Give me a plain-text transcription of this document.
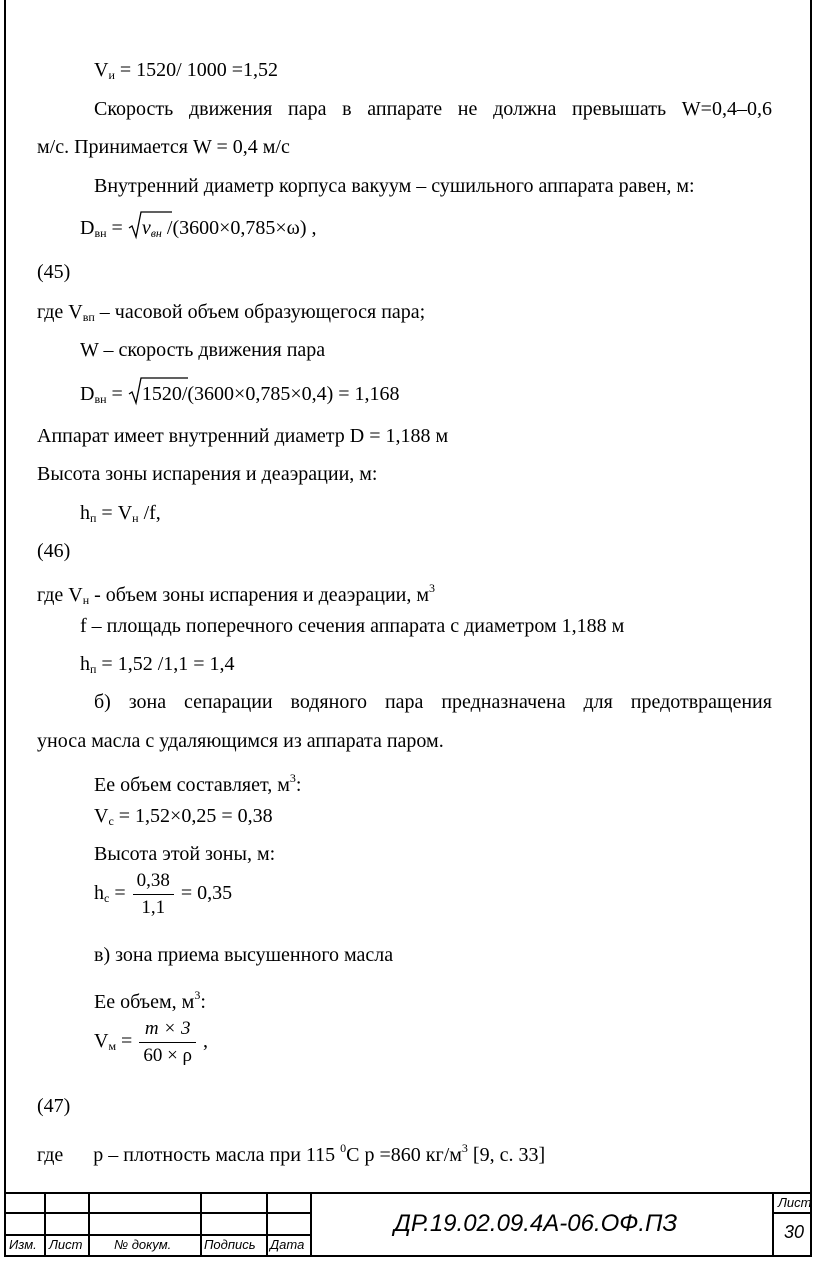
$V_и = 1520/$ 1000 =1,52
Скорость движения пара в аппарате не должна превышать W=0,4–0,6
м/с. Принимается W = 0,4 м/с
Внутренний диаметр корпуса вакуум – сушильного аппарата равен, м:
$D_{вн}$ =
$\nu_{вн}$ /(3600×0,785×ω) ,
(45)
где $V_{вп}$ – часовой объем образующегося пара;
W – скорость движения пара
$D_{вн}$ =
1520/(3600×0,785×0,4) = 1,168
Аппарат имеет внутренний диаметр D = 1,188 м
Высота зоны испарения и деаэрации, м:
$h_п = V_н$ /f,
(46)
где $V_н$ - объем зоны испарения и деаэрации, $м^3$
f – площадь поперечного сечения аппарата с диаметром 1,188 м
$h_п = 1,52$ /1,1 = 1,4
б) зона сепарации водяного пара предназначена для предотвращения
уноса масла с удаляющимся из аппарата паром.
Ее объем составляет, $м^3$:
$V_с = 1,52\times 0,25 = 0,38$
Высота этой зоны, м:
$h_с = \frac{0,38}{1,1} = 0,35$
в) зона приема высушенного масла
Ее объем, $м^3$:
$V_м = \frac{m \times 3}{60 \times \rho}$ ,
(47)
где      р – плотность масла при 115 $^0$С р =860 $кг/м^3$ [9, с. 33]
Изм. Лист № докум.	Подпись Дата
ДР.19.02.09.4А-06.ОФ.ПЗ
Лист
30
